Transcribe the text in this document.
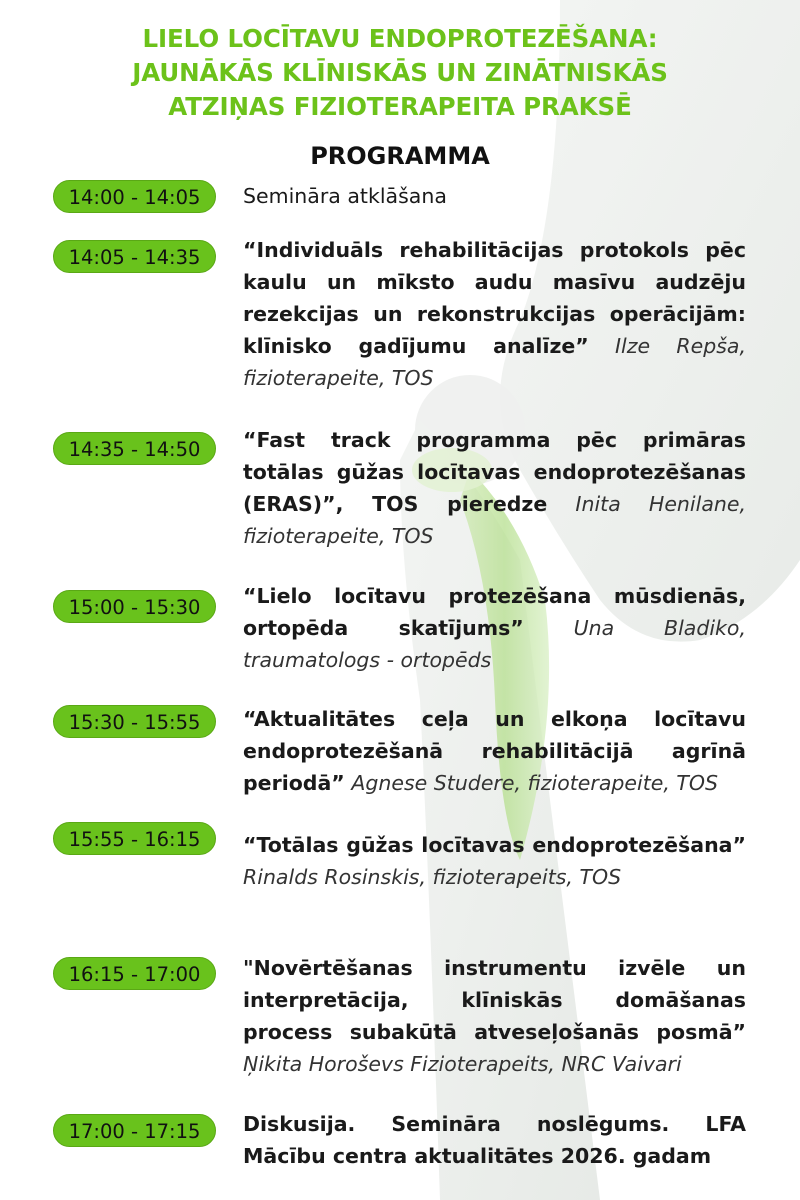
LIELO LOCĪTAVU ENDOPROTEZĒŠANA:
JAUNĀKĀS KLĪNISKĀS UN ZINĀTNISKĀS
ATZIŅAS FIZIOTERAPEITA PRAKSĒ
PROGRAMMA
14:00 - 14:05	Semināra atklāšana
14:05 - 14:35	“Individuāls rehabilitācijas protokols pēc kaulu un mīksto audu masīvu audzēju rezekcijas un rekonstrukcijas operācijām: klīnisko gadījumu analīze” Ilze Repša, fizioterapeite, TOS
14:35 - 14:50	“Fast track programma pēc primāras totālas gūžas locītavas endoprotezēšanas (ERAS)”, TOS pieredze Inita Henilane, fizioterapeite, TOS
15:00 - 15:30	“Lielo locītavu protezēšana mūsdienās, ortopēda skatījums” Una Bladiko, traumatologs - ortopēds
15:30 - 15:55	“Aktualitātes ceļa un elkoņa locītavu endoprotezēšanā rehabilitācijā agrīnā periodā” Agnese Studere, fizioterapeite, TOS
15:55 - 16:15	“Totālas gūžas locītavas endoprotezēšana” Rinalds Rosinskis, fizioterapeits, TOS
16:15 - 17:00	"Novērtēšanas instrumentu izvēle un interpretācija, klīniskās domāšanas process subakūtā atveseļošanās posmā” Ņikita Horoševs Fizioterapeits, NRC Vaivari
17:00 - 17:15	Diskusija. Semināra noslēgums. LFA Mācību centra aktualitātes 2026. gadam
